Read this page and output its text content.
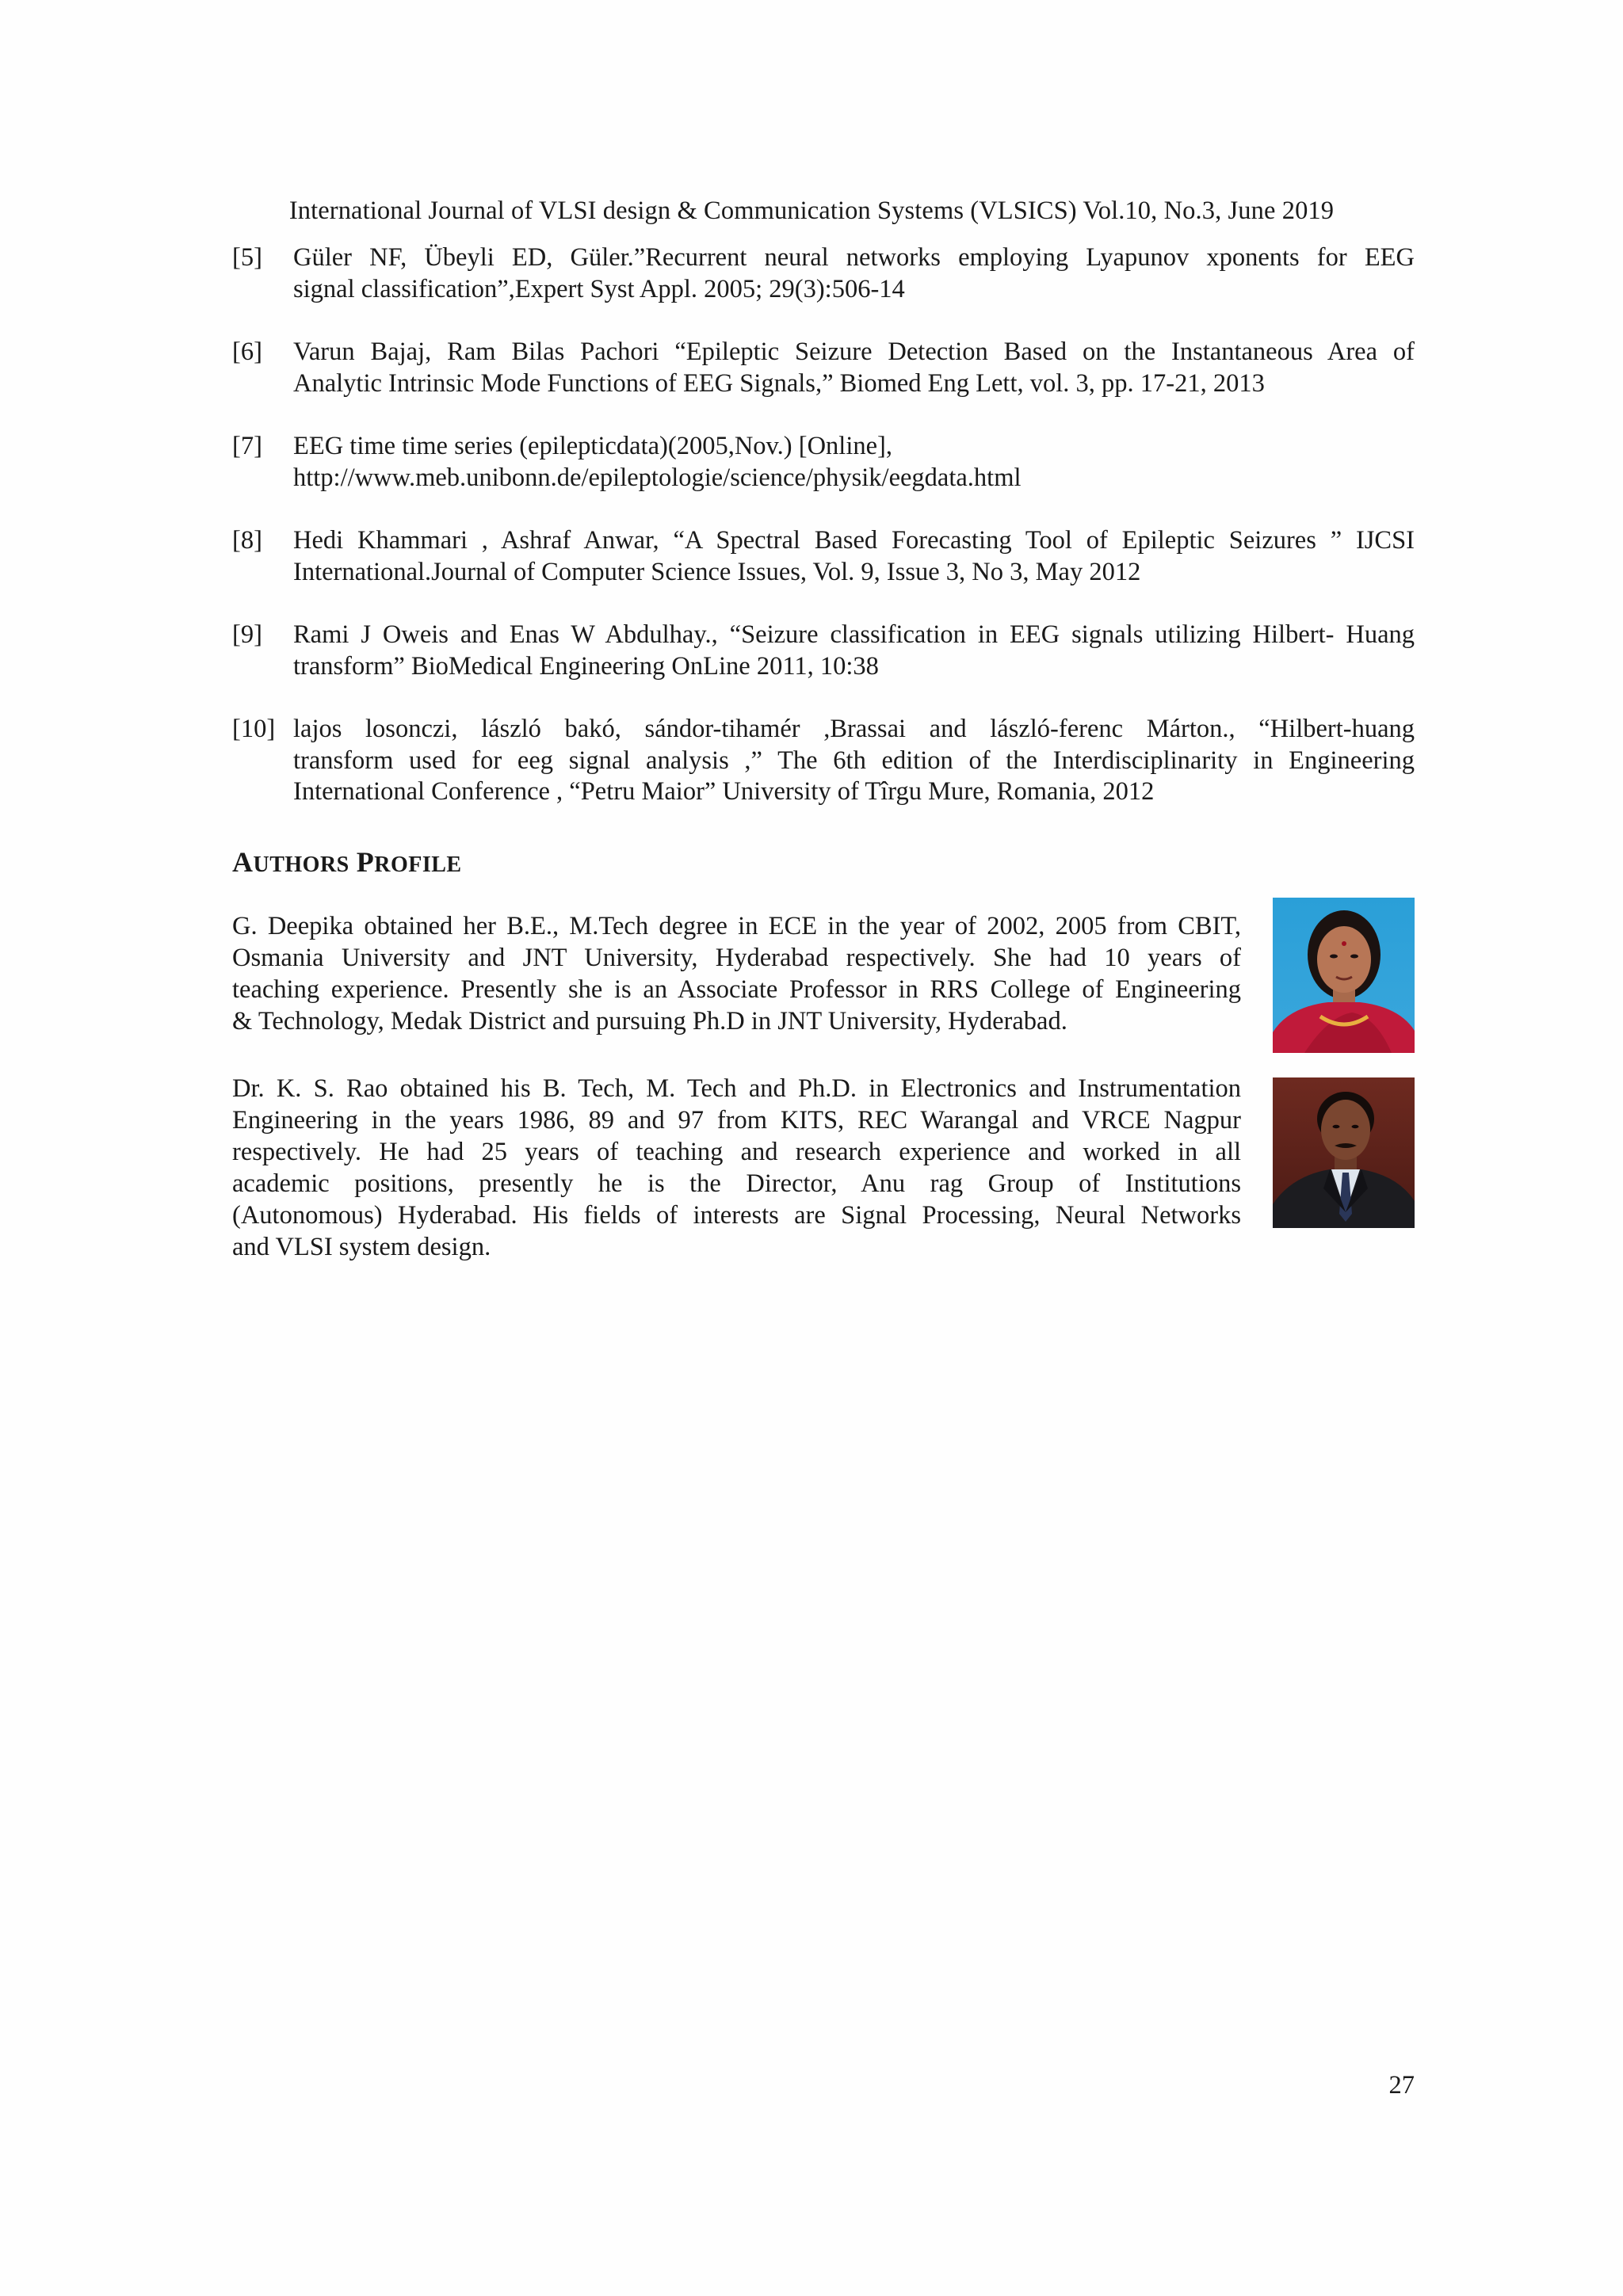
International Journal of VLSI design & Communication Systems (VLSICS) Vol.10, No.3, June 2019
[5]	Güler NF, Übeyli ED, Güler.”Recurrent neural networks employing Lyapunov xponents for EEG
signal classification”,Expert Syst Appl. 2005; 29(3):506-14
[6]	Varun Bajaj, Ram Bilas Pachori “Epileptic Seizure Detection Based on the Instantaneous Area of
Analytic Intrinsic Mode Functions of EEG Signals,” Biomed Eng Lett, vol. 3, pp. 17-21, 2013
[7]	EEG time time series (epilepticdata)(2005,Nov.) [Online],
http://www.meb.unibonn.de/epileptologie/science/physik/eegdata.html
[8]	Hedi Khammari , Ashraf Anwar, “A Spectral Based Forecasting Tool of Epileptic Seizures ” IJCSI
International.Journal of Computer Science Issues, Vol. 9, Issue 3, No 3, May 2012
[9]	Rami J Oweis and Enas W Abdulhay., “Seizure classification in EEG signals utilizing Hilbert- Huang
transform” BioMedical Engineering OnLine 2011, 10:38
[10] lajos losonczi, lászló bakó, sándor-tihamér ,Brassai and lászló-ferenc Márton., “Hilbert-huang
transform used for eeg signal analysis ,” The 6th edition of the Interdisciplinarity in Engineering
International Conference , “Petru Maior” University of Tîrgu Mure, Romania, 2012
AUTHORS PROFILE
G. Deepika obtained her B.E., M.Tech degree in ECE in the year of 2002, 2005 from CBIT,
Osmania University and JNT University, Hyderabad respectively. She had 10 years of
teaching experience. Presently she is an Associate Professor in RRS College of Engineering
& Technology, Medak District and pursuing Ph.D in JNT University, Hyderabad.
Dr. K. S. Rao obtained his B. Tech, M. Tech and Ph.D. in Electronics and Instrumentation
Engineering in the years 1986, 89 and 97 from KITS, REC Warangal and VRCE Nagpur
respectively. He had 25 years of teaching and research experience and worked in all
academic positions, presently he is the Director, Anu rag Group of Institutions
(Autonomous) Hyderabad. His fields of interests are Signal Processing, Neural Networks
and VLSI system design.
27
